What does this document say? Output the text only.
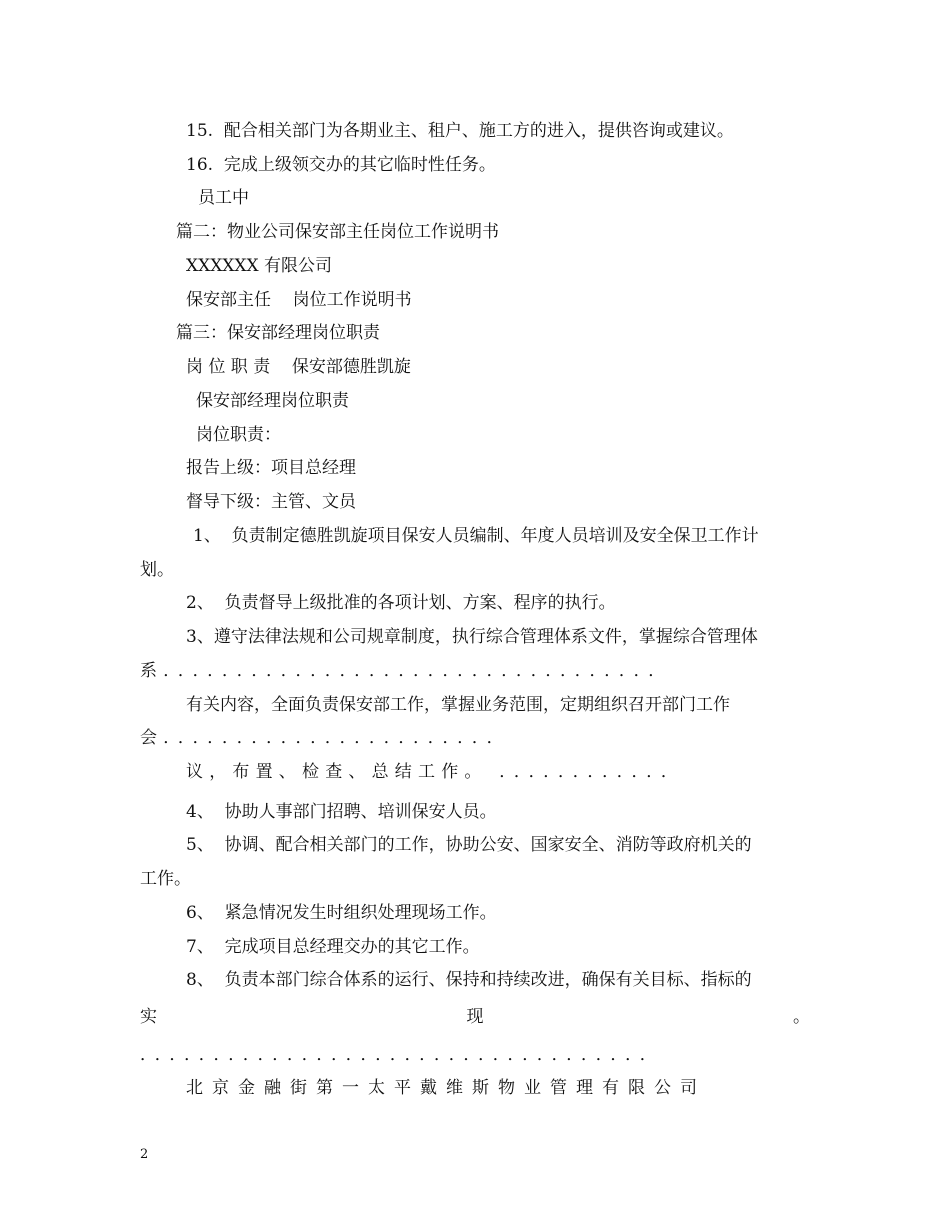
15.  配合相关部门为各期业主、租户、施工方的进入，提供咨询或建议。
16.  完成上级领交办的其它临时性任务。
员工中
篇二：物业公司保安部主任岗位工作说明书
XXXXXX 有限公司
保安部主任    岗位工作说明书
篇三：保安部经理岗位职责
岗 位 职 责    保安部德胜凯旋
保安部经理岗位职责
岗位职责：
报告上级：项目总经理
督导下级：主管、文员
1、  负责制定德胜凯旋项目保安人员编制、年度人员培训及安全保卫工作计
划。
2、  负责督导上级批准的各项计划、方案、程序的执行。
3、遵守法律法规和公司规章制度，执行综合管理体系文件，掌握综合管理体
系．．．．．．．．．．．．．．．．．．．．．．．．．．．．．．．．．．
有关内容，全面负责保安部工作，掌握业务范围，定期组织召开部门工作
会．．．．．．．．．．．．．．．．．．．．．．．
议，布置、检查、总结工作。 ．．．．．．．．．．．．
4、  协助人事部门招聘、培训保安人员。
5、  协调、配合相关部门的工作，协助公安、国家安全、消防等政府机关的
工作。
6、  紧急情况发生时组织处理现场工作。
7、  完成项目总经理交办的其它工作。
8、  负责本部门综合体系的运行、保持和持续改进，确保有关目标、指标的
实	现	。
．．．．．．．．．．．．．．．．．．．．．．．．．．．．．．．．．．．
北京金融街第一太平戴维斯物业管理有限公司
2
